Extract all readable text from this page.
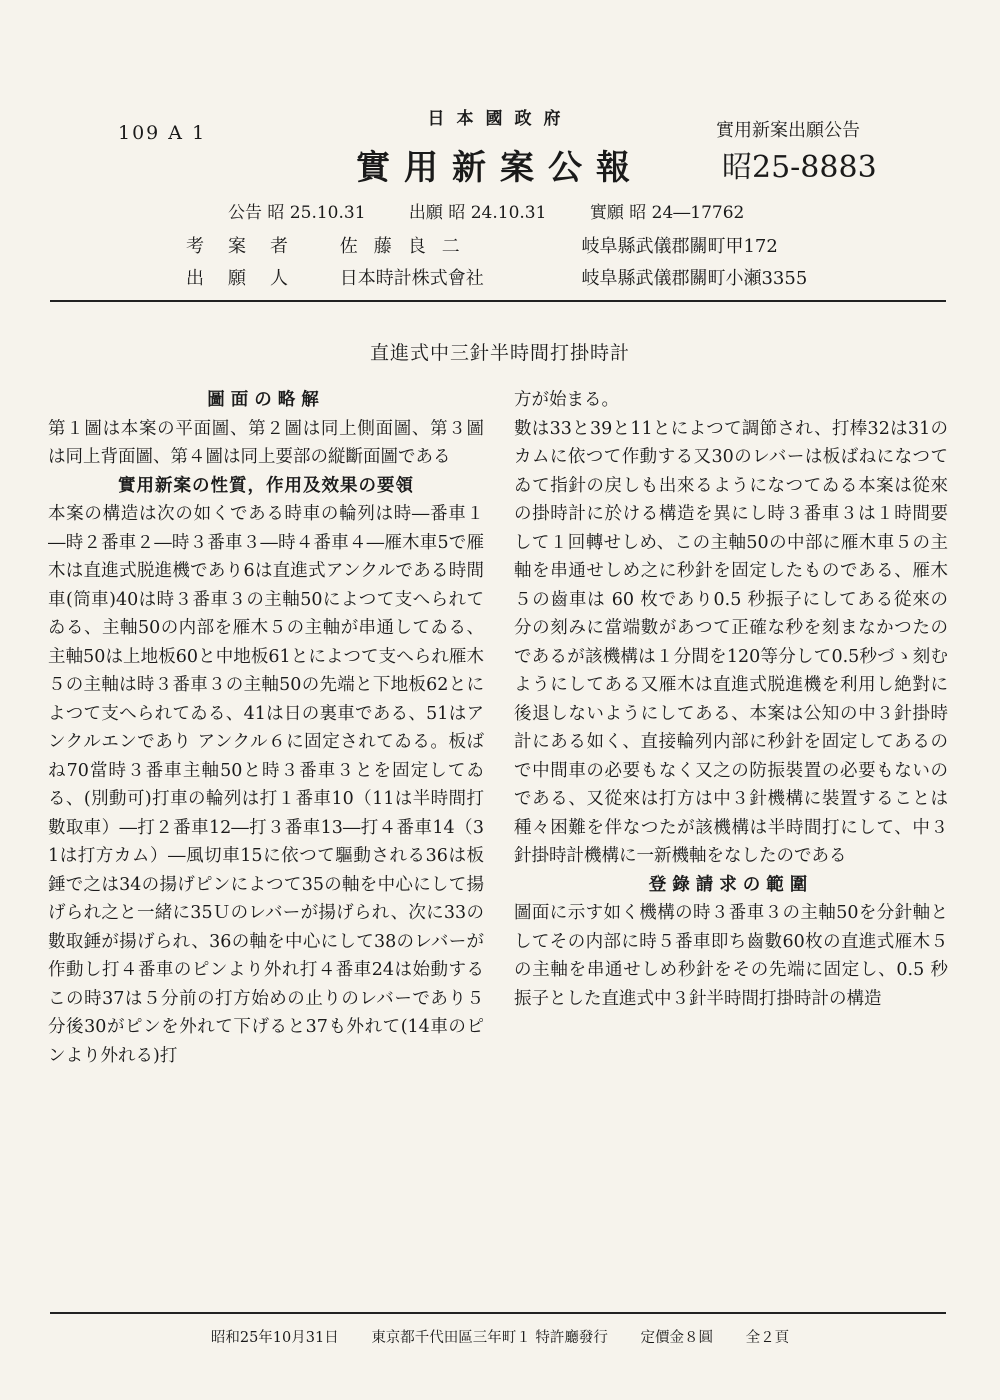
109 A 1
日本國政府
實用新案公報
實用新案出願公告
昭25-8883
公告 昭 25.10.31	出願 昭 24.10.31	實願 昭 24―17762
考案者 佐藤良二	岐阜縣武儀郡關町甲172
出願人 日本時計株式會社	岐阜縣武儀郡關町小瀬3355
直進式中三針半時間打掛時計
圖面の略解
第１圖は本案の平面圖、第２圖は同上側面圖、第３圖は同上背面圖、第４圖は同上要部の縦斷面圖である
實用新案の性質，作用及效果の要領
本案の構造は次の如くである時車の輪列は時―番車１―時２番車２―時３番車３―時４番車４―雁木車5で雁木は直進式脱進機であり6は直進式アンクルである時間車(筒車)40は時３番車３の主軸50によつて支へられてゐる、主軸50の内部を雁木５の主軸が串通してゐる、主軸50は上地板60と中地板61とによつて支へられ雁木５の主軸は時３番車３の主軸50の先端と下地板62とによつて支へられてゐる、41は日の裏車である、51はアンクルエンであり アンクル６に固定されてゐる。板ばね70當時３番車主軸50と時３番車３とを固定してゐる、(別動可)打車の輪列は打１番車10（11は半時間打數取車）―打２番車12―打３番車13―打４番車14（31は打方カム）―風切車15に依つて驅動される36は板錘で之は34の揚げピンによつて35の軸を中心にして揚げられ之と一緒に35Ｕのレバーが揚げられ、次に33の數取錘が揚げられ、36の軸を中心にして38のレバーが作動し打４番車のピンより外れ打４番車24は始動するこの時37は５分前の打方始めの止りのレバーであり５分後30がピンを外れて下げると37も外れて(14車のピンより外れる)打
方が始まる。
數は33と39と11とによつて調節され、打棒32は31のカムに依つて作動する又30のレバーは板ばねになつてゐて指針の戻しも出來るようになつてゐる本案は從來の掛時計に於ける構造を異にし時３番車３は１時間要して１回轉せしめ、この主軸50の中部に雁木車５の主軸を串通せしめ之に秒針を固定したものである、雁木５の齒車は 60 枚であり0.5 秒振子にしてある從來の分の刻みに當端數があつて正確な秒を刻まなかつたのであるが該機構は１分間を120等分して0.5秒づゝ刻むようにしてある又雁木は直進式脱進機を利用し絶對に後退しないようにしてある、本案は公知の中３針掛時計にある如く、直接輪列内部に秒針を固定してあるので中間車の必要もなく又之の防振裝置の必要もないのである、又從來は打方は中３針機構に裝置することは種々困難を伴なつたが該機構は半時間打にして、中３針掛時計機構に一新機軸をなしたのである
登錄請求の範圍
圖面に示す如く機構の時３番車３の主軸50を分針軸としてその内部に時５番車即ち齒數60枚の直進式雁木５の主軸を串通せしめ秒針をその先端に固定し、0.5 秒振子とした直進式中３針半時間打掛時計の構造
昭和25年10月31日 東京都千代田區三年町１ 特許廳發行 定價金８圓 全２頁
